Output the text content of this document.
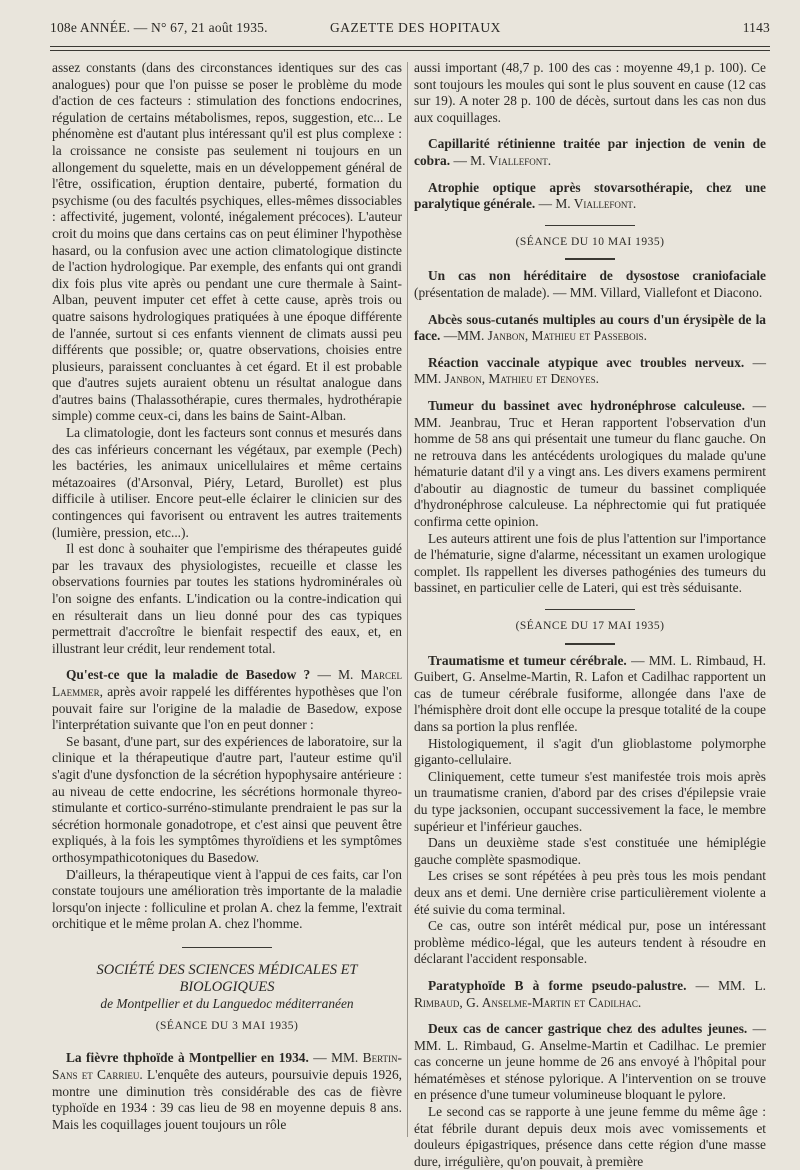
108e ANNÉE. — N° 67, 21 août 1935.	GAZETTE DES HOPITAUX	1143

assez constants (dans des circonstances identiques sur des cas analogues) pour que l'on puisse se poser le problème du mode d'action de ces facteurs : stimulation des fonctions endocrines, régulation de certains métabolismes, repos, suggestion, etc... Le phénomène est d'autant plus intéressant qu'il est plus complexe : la croissance ne consiste pas seulement ni toujours en un allongement du squelette, mais en un développement général de l'être, ossification, éruption dentaire, puberté, formation du psychisme (ou des facultés psychiques, elles-mêmes dissociables : affectivité, jugement, volonté, inégalement précoces). L'auteur croit du moins que dans certains cas on peut éliminer l'hypothèse hasard, ou la confusion avec une action climatologique distincte de l'action hydrologique. Par exemple, des enfants qui ont grandi dix fois plus vite après ou pendant une cure thermale à Saint-Alban, peuvent imputer cet effet à cette cause, après trois ou quatre saisons hydrologiques pratiquées à une époque différente de l'année, surtout si ces enfants viennent de climats aussi peu différents que possible; or, quatre observations, choisies entre plusieurs, paraissent concluantes à cet égard. Et il est probable que d'autres sujets auraient obtenu un résultat analogue dans d'autres bains (Thalassothérapie, cures thermales, hydrothérapie simple) comme ceux-ci, dans les bains de Saint-Alban.

La climatologie, dont les facteurs sont connus et mesurés dans des cas inférieurs concernant les végétaux, par exemple (Pech) les bactéries, les animaux unicellulaires et même certains métazoaires (d'Arsonval, Piéry, Letard, Burollet) est plus difficile à utiliser. Encore peut-elle éclairer le clinicien sur des contingences qui favorisent ou entravent les autres traitements (lumière, pression, etc...).

Il est donc à souhaiter que l'empirisme des thérapeutes guidé par les travaux des physiologistes, recueille et classe les observations fournies par toutes les stations hydrominérales où l'on soigne des enfants. L'indication ou la contre-indication qui en résulterait dans un lieu donné pour des cas typiques permettrait d'accroître le bienfait respectif des eaux, et, en illustrant leur crédit, leur rendement total.

Qu'est-ce que la maladie de Basedow ? — M. Marcel Laemmer, après avoir rappelé les différentes hypothèses que l'on pouvait faire sur l'origine de la maladie de Basedow, expose l'interprétation suivante que l'on en peut donner :

Se basant, d'une part, sur des expériences de laboratoire, sur la clinique et la thérapeutique d'autre part, l'auteur estime qu'il s'agit d'une dysfonction de la sécrétion hypophysaire antérieure : au niveau de cette endocrine, les sécrétions hormonale thyreo-stimulante et cortico-surréno-stimulante prendraient le pas sur la sécrétion hormonale gonadotrope, et c'est ainsi que peuvent être expliqués, à la fois les symptômes thyroïdiens et les symptômes orthosympathicotoniques du Basedow.

D'ailleurs, la thérapeutique vient à l'appui de ces faits, car l'on constate toujours une amélioration très importante de la maladie lorsqu'on injecte : folliculine et prolan A. chez la femme, l'extrait orchitique et le même prolan A. chez l'homme.

SOCIÉTÉ DES SCIENCES MÉDICALES ET BIOLOGIQUES
de Montpellier et du Languedoc méditerranéen
(SÉANCE DU 3 MAI 1935)

La fièvre thphoïde à Montpellier en 1934. — MM. Bertin-Sans et Carrieu. L'enquête des auteurs, poursuivie depuis 1926, montre une diminution très considérable des cas de fièvre typhoïde en 1934 : 39 cas lieu de 98 en moyenne depuis 8 ans. Mais les coquillages jouent toujours un rôle

aussi important (48,7 p. 100 des cas : moyenne 49,1 p. 100). Ce sont toujours les moules qui sont le plus souvent en cause (12 cas sur 19). A noter 28 p. 100 de décès, surtout dans les cas non dus aux coquillages.

Capillarité rétinienne traitée par injection de venin de cobra. — M. Viallefont.

Atrophie optique après stovarsothérapie, chez une paralytique générale. — M. Viallefont.

(SÉANCE DU 10 MAI 1935)

Un cas non héréditaire de dysostose craniofaciale (présentation de malade). — MM. Villard, Viallefont et Diacono.

Abcès sous-cutanés multiples au cours d'un érysipèle de la face. —MM. Janbon, Mathieu et Passebois.

Réaction vaccinale atypique avec troubles nerveux. — MM. Janbon, Mathieu et Denoyes.

Tumeur du bassinet avec hydronéphrose calculeuse. — MM. Jeanbrau, Truc et Heran rapportent l'observation d'un homme de 58 ans qui présentait une tumeur du flanc gauche. On ne retrouva dans les antécédents urologiques du malade qu'une hématurie datant d'il y a vingt ans. Les divers examens permirent d'aboutir au diagnostic de tumeur du bassinet compliquée d'hydronéphrose calculeuse. La néphrectomie qui fut pratiquée confirma cette opinion.

Les auteurs attirent une fois de plus l'attention sur l'importance de l'hématurie, signe d'alarme, nécessitant un examen urologique complet. Ils rappellent les diverses pathogénies des tumeurs du bassinet, en particulier celle de Lateri, qui est très séduisante.

(SÉANCE DU 17 MAI 1935)

Traumatisme et tumeur cérébrale. — MM. L. Rimbaud, H. Guibert, G. Anselme-Martin, R. Lafon et Cadilhac rapportent un cas de tumeur cérébrale fusiforme, allongée dans l'axe de l'hémisphère droit dont elle occupe la presque totalité de la coupe dans sa portion la plus renflée.

Histologiquement, il s'agit d'un glioblastome polymorphe giganto-cellulaire.

Cliniquement, cette tumeur s'est manifestée trois mois après un traumatisme cranien, d'abord par des crises d'épilepsie vraie du type jacksonien, occupant successivement la face, le membre supérieur et l'inférieur gauches.

Dans un deuxième stade s'est constituée une hémiplégie gauche complète spasmodique.

Les crises se sont répétées à peu près tous les mois pendant deux ans et demi. Une dernière crise particulièrement violente a été suivie du coma terminal.

Ce cas, outre son intérêt médical pur, pose un intéressant problème médico-légal, que les auteurs tendent à résoudre en déclarant l'accident responsable.

Paratyphoïde B à forme pseudo-palustre. — MM. L. Rimbaud, G. Anselme-Martin et Cadilhac.

Deux cas de cancer gastrique chez des adultes jeunes. — MM. L. Rimbaud, G. Anselme-Martin et Cadilhac. Le premier cas concerne un jeune homme de 26 ans envoyé à l'hôpital pour hématémèses et sténose pylorique. A l'intervention on se trouve en présence d'une tumeur volumineuse bloquant le pylore.

Le second cas se rapporte à une jeune femme du même âge : état fébrile durant depuis deux mois avec vomissements et douleurs épigastriques, présence dans cette région d'une masse dure, irrégulière, qu'on pouvait, à première
